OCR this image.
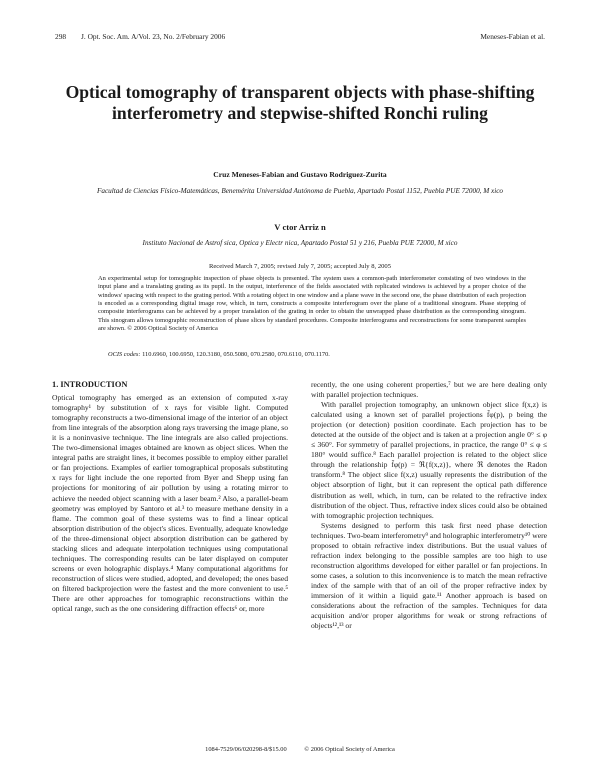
298 J. Opt. Soc. Am. A/Vol. 23, No. 2/February 2006	Meneses-Fabian et al.
Optical tomography of transparent objects with phase-shifting interferometry and stepwise-shifted Ronchi ruling
Cruz Meneses-Fabian and Gustavo Rodriguez-Zurita
Facultad de Ciencias Físico-Matemáticas, Benemérita Universidad Autónoma de Puebla, Apartado Postal 1152, Puebla PUE 72000, M xico
V ctor Arriz n
Instituto Nacional de Astrof sica, Optica y Electr nica, Apartado Postal 51 y 216, Puebla PUE 72000, M xico
Received March 7, 2005; revised July 7, 2005; accepted July 8, 2005
An experimental setup for tomographic inspection of phase objects is presented. The system uses a common-path interferometer consisting of two windows in the input plane and a translating grating as its pupil. In the output, interference of the fields associated with replicated windows is achieved by a proper choice of the windows' spacing with respect to the grating period. With a rotating object in one window and a plane wave in the second one, the phase distribution of each projection is encoded as a corresponding digital image row, which, in turn, constructs a composite interferogram over the plane of a traditional sinogram. Phase stepping of composite interferograms can be achieved by a proper translation of the grating in order to obtain the unwrapped phase distribution as the corresponding sinogram. This sinogram allows tomographic reconstruction of phase slices by standard procedures. Composite interferograms and reconstructions for some transparent samples are shown. © 2006 Optical Society of America
OCIS codes: 110.6960, 100.6950, 120.3180, 050.5080, 070.2580, 070.6110, 070.1170.
1. INTRODUCTION

Optical tomography has emerged as an extension of computed x-ray tomography¹ by substitution of x rays for visible light. Computed tomography reconstructs a two-dimensional image of the interior of an object from line integrals of the absorption along rays traversing the image plane, so it is a noninvasive technique. The line integrals are also called projections. The two-dimensional images obtained are known as object slices. When the integral paths are straight lines, it becomes possible to employ either parallel or fan projections. Examples of earlier tomographical proposals substituting x rays for light include the one reported from Byer and Shepp using fan projections for monitoring of air pollution by using a rotating mirror to achieve the needed object scanning with a laser beam.² Also, a parallel-beam geometry was employed by Santoro et al.³ to measure methane density in a flame. The common goal of these systems was to find a linear optical absorption distribution of the object's slices. Eventually, adequate knowledge of the three-dimensional object absorption distribution can be gathered by stacking slices and adequate interpolation techniques using computational techniques. The corresponding results can be later displayed on computer screens or even holographic displays.⁴ Many computational algorithms for reconstruction of slices were studied, adopted, and developed; the ones based on filtered backprojection were the fastest and the more convenient to use.⁵ There are other approaches for tomographic reconstructions within the optical range, such as the one considering diffraction effects⁶ or, more

recently, the one using coherent properties,⁷ but we are here dealing only with parallel projection techniques.

With parallel projection tomography, an unknown object slice f(x,z) is calculated using a known set of parallel projections f̂φ(p), p being the projection (or detection) position coordinate. Each projection has to be detected at the outside of the object and is taken at a projection angle 0° ≤ φ ≤ 360°. For symmetry of parallel projections, in practice, the range 0° ≤ φ ≤ 180° would suffice.⁸ Each parallel projection is related to the object slice through the relationship f̂φ(p) = ℜ{f(x,z)}, where ℜ denotes the Radon transform.⁸ The object slice f(x,z) usually represents the distribution of the object absorption of light, but it can represent the optical path difference distribution as well, which, in turn, can be related to the refractive index distribution of the object. Thus, refractive index slices could also be obtained with tomographic projection techniques.

Systems designed to perform this task first need phase detection techniques. Two-beam interferometry⁹ and holographic interferometry¹⁰ were proposed to obtain refractive index distributions. But the usual values of refraction index belonging to the possible samples are too high to use reconstruction algorithms developed for either parallel or fan projections. In some cases, a solution to this inconvenience is to match the mean refractive index of the sample with that of an oil of the proper refractive index by immersion of it within a liquid gate.¹¹ Another approach is based on considerations about the refraction of the samples. Techniques for data acquisition and/or proper algorithms for weak or strong refractions of objects¹²,¹³ or

1084-7529/06/020298-8/$15.00	© 2006 Optical Society of America
